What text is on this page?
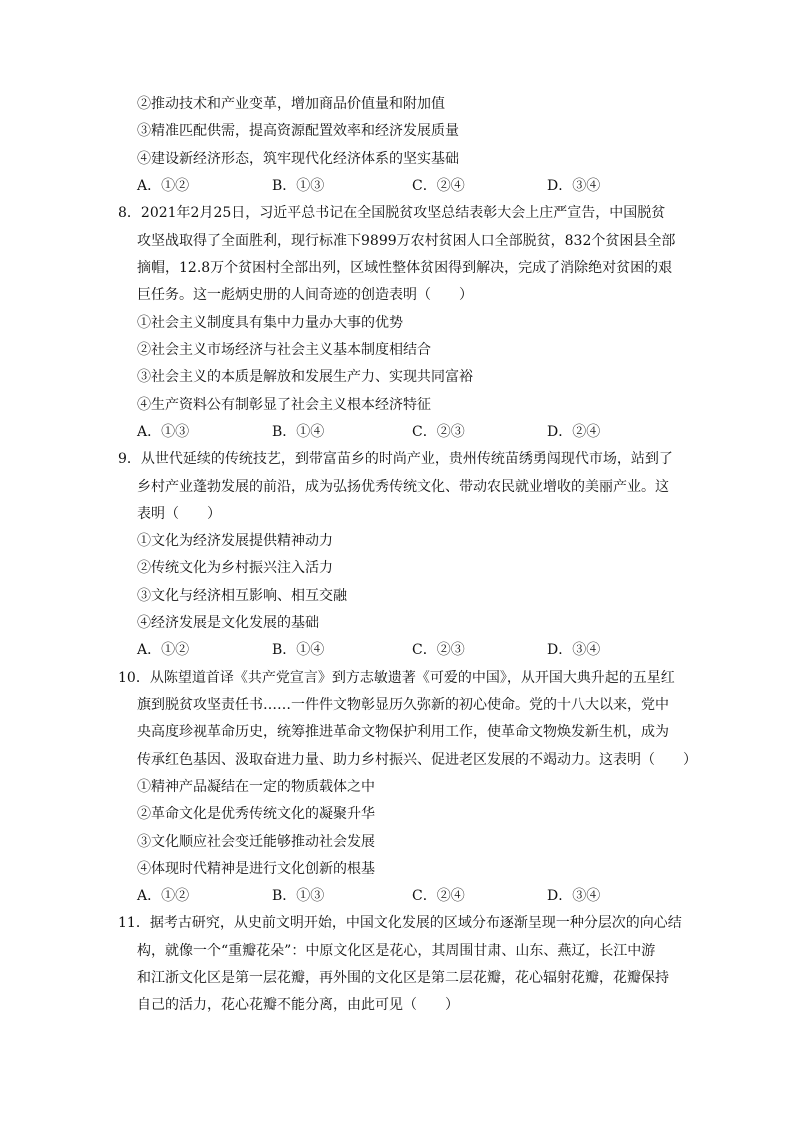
②推动技术和产业变革，增加商品价值量和附加值
③精准匹配供需，提高资源配置效率和经济发展质量
④建设新经济形态，筑牢现代化经济体系的坚实基础
A．①②	B．①③	C．②④	D．③④
8．2021年2月25日，习近平总书记在全国脱贫攻坚总结表彰大会上庄严宣告，中国脱贫
攻坚战取得了全面胜利，现行标准下9899万农村贫困人口全部脱贫，832个贫困县全部
摘帽，12.8万个贫困村全部出列，区域性整体贫困得到解决，完成了消除绝对贫困的艰
巨任务。这一彪炳史册的人间奇迹的创造表明（　　）
①社会主义制度具有集中力量办大事的优势
②社会主义市场经济与社会主义基本制度相结合
③社会主义的本质是解放和发展生产力、实现共同富裕
④生产资料公有制彰显了社会主义根本经济特征
A．①③	B．①④	C．②③	D．②④
9．从世代延续的传统技艺，到带富苗乡的时尚产业，贵州传统苗绣勇闯现代市场，站到了
乡村产业蓬勃发展的前沿，成为弘扬优秀传统文化、带动农民就业增收的美丽产业。这
表明（　　）
①文化为经济发展提供精神动力
②传统文化为乡村振兴注入活力
③文化与经济相互影响、相互交融
④经济发展是文化发展的基础
A．①②	B．①④	C．②③	D．③④
10．从陈望道首译《共产党宣言》到方志敏遗著《可爱的中国》，从开国大典升起的五星红
旗到脱贫攻坚责任书……一件件文物彰显历久弥新的初心使命。党的十八大以来，党中
央高度珍视革命历史，统筹推进革命文物保护利用工作，使革命文物焕发新生机，成为
传承红色基因、汲取奋进力量、助力乡村振兴、促进老区发展的不竭动力。这表明（　　）
①精神产品凝结在一定的物质载体之中
②革命文化是优秀传统文化的凝聚升华
③文化顺应社会变迁能够推动社会发展
④体现时代精神是进行文化创新的根基
A．①②	B．①③	C．②④	D．③④
11．据考古研究，从史前文明开始，中国文化发展的区域分布逐渐呈现一种分层次的向心结
构，就像一个“重瓣花朵”：中原文化区是花心，其周围甘肃、山东、燕辽，长江中游
和江浙文化区是第一层花瓣，再外围的文化区是第二层花瓣，花心辐射花瓣，花瓣保持
自己的活力，花心花瓣不能分离，由此可见（　　）
